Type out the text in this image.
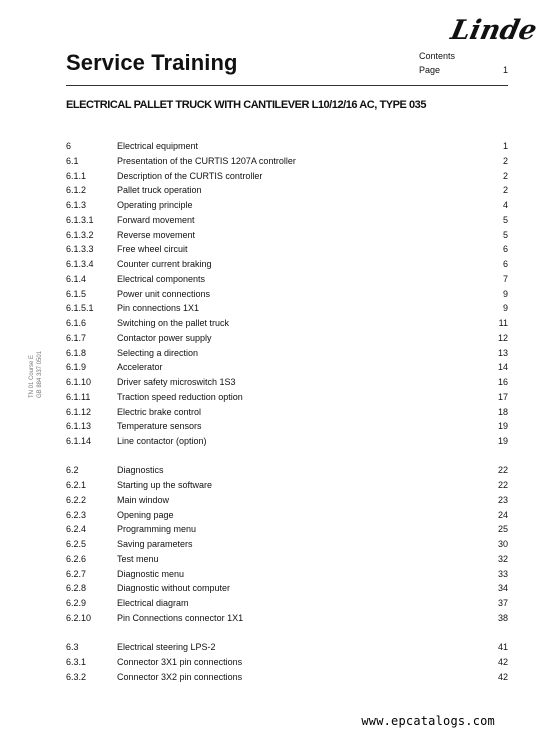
Linde
Service Training	Contents
Page	1
ELECTRICAL PALLET TRUCK WITH CANTILEVER L10/12/16 AC, TYPE 035
TN 01 Course E GB 884 337 0501
6	Electrical equipment	1
6.1	Presentation of the CURTIS 1207A controller	2
6.1.1	Description of the CURTIS controller	2
6.1.2	Pallet truck operation	2
6.1.3	Operating principle	4
6.1.3.1	Forward movement	5
6.1.3.2	Reverse movement	5
6.1.3.3	Free wheel circuit	6
6.1.3.4	Counter current braking	6
6.1.4	Electrical components	7
6.1.5	Power unit connections	9
6.1.5.1	Pin connections 1X1	9
6.1.6	Switching on the pallet truck	11
6.1.7	Contactor power supply	12
6.1.8	Selecting a direction	13
6.1.9	Accelerator	14
6.1.10	Driver safety microswitch 1S3	16
6.1.11	Traction speed reduction option	17
6.1.12	Electric brake control	18
6.1.13	Temperature sensors	19
6.1.14	Line contactor (option)	19
6.2	Diagnostics	22
6.2.1	Starting up the software	22
6.2.2	Main window	23
6.2.3	Opening page	24
6.2.4	Programming menu	25
6.2.5	Saving parameters	30
6.2.6	Test menu	32
6.2.7	Diagnostic menu	33
6.2.8	Diagnostic without computer	34
6.2.9	Electrical diagram	37
6.2.10	Pin Connections connector 1X1	38
6.3	Electrical steering LPS-2	41
6.3.1	Connector 3X1 pin connections	42
6.3.2	Connector 3X2 pin connections	42
www.epcatalogs.com
